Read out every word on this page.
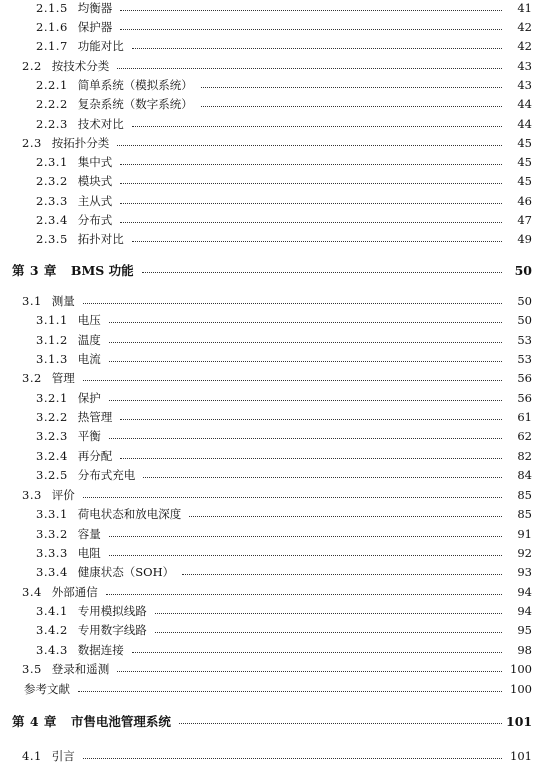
2.1.5 均衡器	41
2.1.6 保护器	42
2.1.7 功能对比	42
2.2 按技术分类	43
2.2.1 简单系统（模拟系统）	43
2.2.2 复杂系统（数字系统）	44
2.2.3 技术对比	44
2.3 按拓扑分类	45
2.3.1 集中式	45
2.3.2 模块式	45
2.3.3 主从式	46
2.3.4 分布式	47
2.3.5 拓扑对比	49
第 3 章	BMS 功能	50
3.1 测量	50
3.1.1 电压	50
3.1.2 温度	53
3.1.3 电流	53
3.2 管理	56
3.2.1 保护	56
3.2.2 热管理	61
3.2.3 平衡	62
3.2.4 再分配	82
3.2.5 分布式充电	84
3.3 评价	85
3.3.1 荷电状态和放电深度	85
3.3.2 容量	91
3.3.3 电阻	92
3.3.4 健康状态（SOH）	93
3.4 外部通信	94
3.4.1 专用模拟线路	94
3.4.2 专用数字线路	95
3.4.3 数据连接	98
3.5 登录和遥测	100
参考文献	100
第 4 章	市售电池管理系统	101
4.1 引言	101
